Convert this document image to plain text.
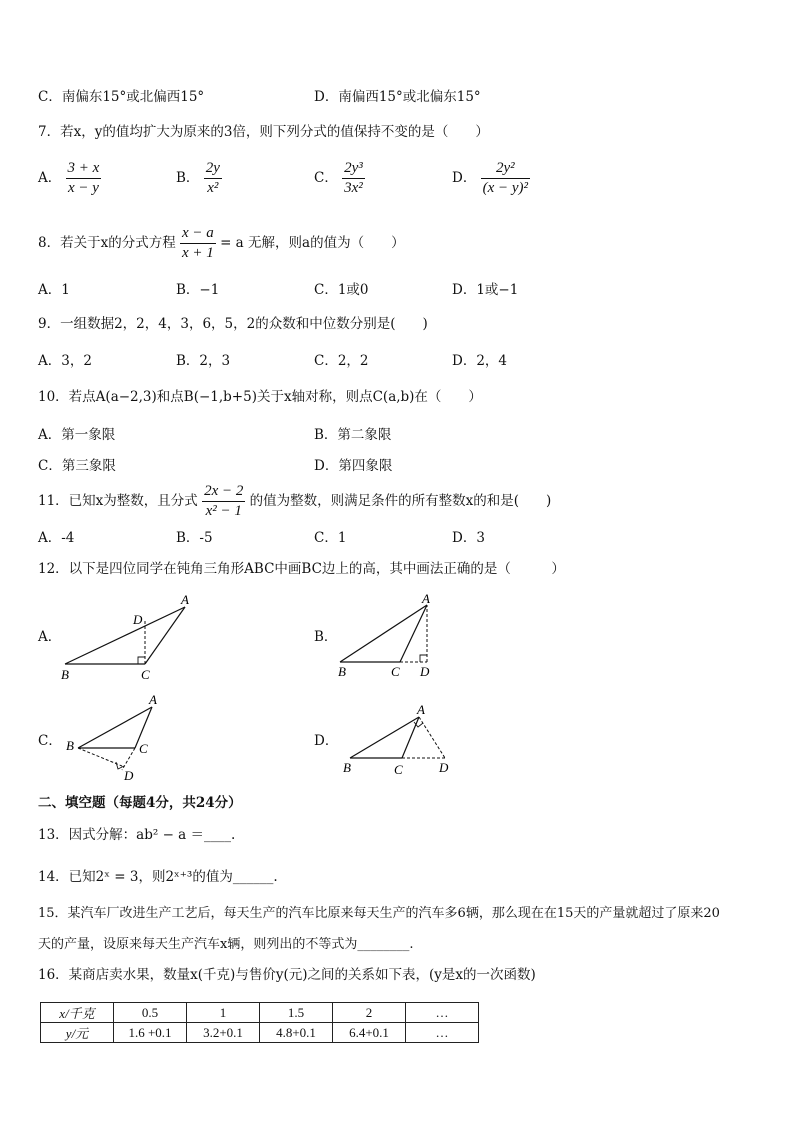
C．南偏东15°或北偏西15°	D．南偏西15°或北偏东15°
7．若x，y的值均扩大为原来的3倍，则下列分式的值保持不变的是（　　）
A． $\frac{3 + x}{x - y}$	B． $\frac{2y}{\text{x²}}$	C． $\frac{\text{2y³}}{\text{3x²}}$	D． $\frac{\text{2y²}}{\text{(x − y)²}}$
8．若关于x的分式方程 $\frac{x - a}{x + 1} = a$ 无解，则a的值为（　　）
A．1	B．−1	C．1或0	D．1或−1
9．一组数据2，2，4，3，6，5，2的众数和中位数分别是(　　)
A．3，2	B．2，3	C．2，2	D．2，4
10．若点A(a−2,3)和点B(−1,b+5)关于x轴对称，则点C(a,b)在（　　）
A．第一象限	B．第二象限
C．第三象限	D．第四象限
11．已知x为整数，且分式 $\frac{2x - 2}{\text{x² − 1}}$ 的值为整数，则满足条件的所有整数x的和是(　　)
A．-4	B．-5	C．1	D．3
12．以下是四位同学在钝角三角形ABC中画BC边上的高，其中画法正确的是（　　　）
A．	B．
C．	D．
A
B	C
D
A
B	C D
A
B	C
D
A
B	C	D
二、填空题（每题4分，共24分）
13．因式分解：ab² − a ＝____.
14．已知2ˣ = 3，则2ˣ⁺³的值为______.
15．某汽车厂改进生产工艺后，每天生产的汽车比原来每天生产的汽车多6辆，那么现在在15天的产量就超过了原来20
天的产量，设原来每天生产汽车x辆，则列出的不等式为________.
16．某商店卖水果，数量x(千克)与售价y(元)之间的关系如下表，(y是x的一次函数)
x/千克	0.5	1	1.5	2	…
y/元	1.6 +0.1	3.2+0.1	4.8+0.1	6.4+0.1	…
